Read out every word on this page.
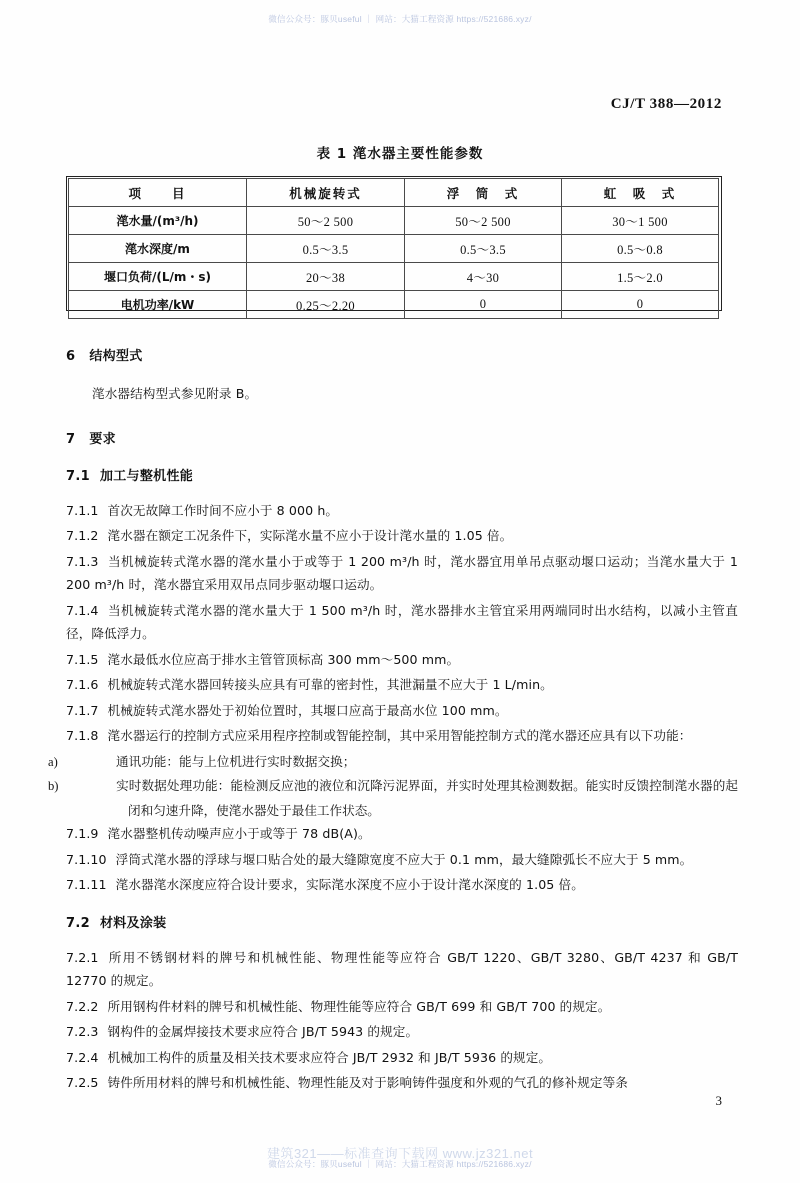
微信公众号：豚贝useful ｜ 网站：大猫工程资源 https://521686.xyz/
CJ/T 388—2012
表 1 滗水器主要性能参数
项　　目	机械旋转式	浮　筒　式	虹　吸　式
滗水量/(m³/h)	50～2 500	50～2 500	30～1 500
滗水深度/m	0.5～3.5	0.5～3.5	0.5～0.8
堰口负荷/(L/m・s)	20～38	4～30	1.5～2.0
电机功率/kW	0.25～2.20	0	0

6 结构型式

滗水器结构型式参见附录 B。

7 要求

7.1 加工与整机性能

7.1.1 首次无故障工作时间不应小于 8 000 h。

7.1.2 滗水器在额定工况条件下，实际滗水量不应小于设计滗水量的 1.05 倍。

7.1.3 当机械旋转式滗水器的滗水量小于或等于 1 200 m³/h 时，滗水器宜用单吊点驱动堰口运动；当滗水量大于 1 200 m³/h 时，滗水器宜采用双吊点同步驱动堰口运动。

7.1.4 当机械旋转式滗水器的滗水量大于 1 500 m³/h 时，滗水器排水主管宜采用两端同时出水结构，以减小主管直径，降低浮力。

7.1.5 滗水最低水位应高于排水主管管顶标高 300 mm～500 mm。

7.1.6 机械旋转式滗水器回转接头应具有可靠的密封性，其泄漏量不应大于 1 L/min。

7.1.7 机械旋转式滗水器处于初始位置时，其堰口应高于最高水位 100 mm。

7.1.8 滗水器运行的控制方式应采用程序控制或智能控制，其中采用智能控制方式的滗水器还应具有以下功能：

a)	通讯功能：能与上位机进行实时数据交换；

b)	实时数据处理功能：能检测反应池的液位和沉降污泥界面，并实时处理其检测数据。能实时反馈控制滗水器的起闭和匀速升降，使滗水器处于最佳工作状态。

7.1.9 滗水器整机传动噪声应小于或等于 78 dB(A)。

7.1.10 浮筒式滗水器的浮球与堰口贴合处的最大缝隙宽度不应大于 0.1 mm，最大缝隙弧长不应大于 5 mm。

7.1.11 滗水器滗水深度应符合设计要求，实际滗水深度不应小于设计滗水深度的 1.05 倍。

7.2 材料及涂装

7.2.1 所用不锈钢材料的牌号和机械性能、物理性能等应符合 GB/T 1220、GB/T 3280、GB/T 4237 和 GB/T 12770 的规定。

7.2.2 所用钢构件材料的牌号和机械性能、物理性能等应符合 GB/T 699 和 GB/T 700 的规定。

7.2.3 钢构件的金属焊接技术要求应符合 JB/T 5943 的规定。

7.2.4 机械加工构件的质量及相关技术要求应符合 JB/T 2932 和 JB/T 5936 的规定。

7.2.5 铸件所用材料的牌号和机械性能、物理性能及对于影响铸件强度和外观的气孔的修补规定等条

3
建筑321——标准查询下载网 www.jz321.net
微信公众号：豚贝useful ｜ 网站：大猫工程资源 https://521686.xyz/
